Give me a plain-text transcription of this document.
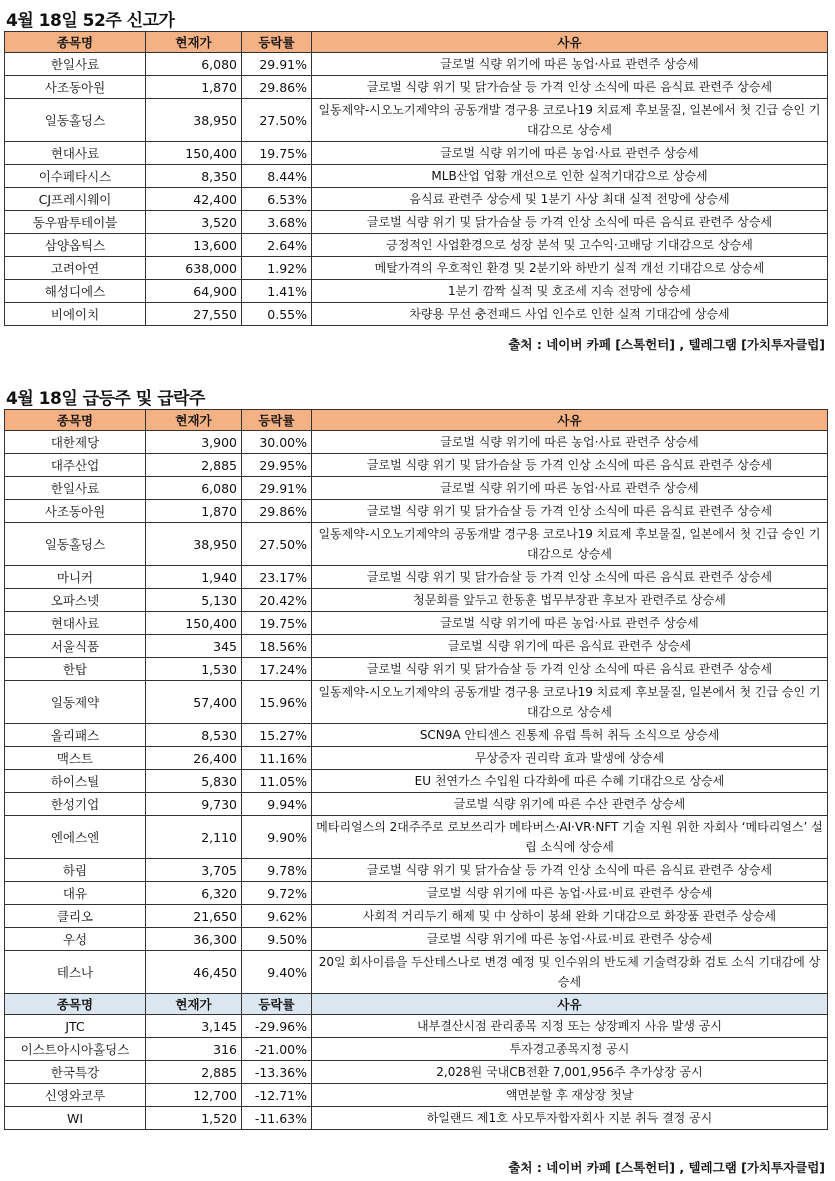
4월 18일 52주 신고가
종목명	현재가	등락률	사유
한일사료	6,080	29.91%	글로벌 식량 위기에 따른 농업·사료 관련주 상승세
사조동아원	1,870	29.86%	글로벌 식량 위기 및 닭가슴살 등 가격 인상 소식에 따른 음식료 관련주 상승세
일동홀딩스	38,950	27.50%	일동제약-시오노기제약의 공동개발 경구용 코로나19 치료제 후보물질, 일본에서 첫 긴급 승인 기대감으로 상승세
현대사료	150,400	19.75%	글로벌 식량 위기에 따른 농업·사료 관련주 상승세
이수페타시스	8,350	8.44%	MLB산업 업황 개선으로 인한 실적기대감으로 상승세
CJ프레시웨이	42,400	6.53%	음식료 관련주 상승세 및 1분기 사상 최대 실적 전망에 상승세
동우팜투테이블	3,520	3.68%	글로벌 식량 위기 및 닭가슴살 등 가격 인상 소식에 따른 음식료 관련주 상승세
삼양옵틱스	13,600	2.64%	긍정적인 사업환경으로 성장 분석 및 고수익·고배당 기대감으로 상승세
고려아연	638,000	1.92%	메탈가격의 우호적인 환경 및 2분기와 하반기 실적 개선 기대감으로 상승세
해성디에스	64,900	1.41%	1분기 깜짝 실적 및 호조세 지속 전망에 상승세
비에이치	27,550	0.55%	차량용 무선 충전패드 사업 인수로 인한 실적 기대감에 상승세
출처 : 네이버 카페 [스톡헌터] , 텔레그램 [가치투자클럽]
4월 18일 급등주 및 급락주
종목명	현재가	등락률	사유
대한제당	3,900	30.00%	글로벌 식량 위기에 따른 농업·사료 관련주 상승세
대주산업	2,885	29.95%	글로벌 식량 위기 및 닭가슴살 등 가격 인상 소식에 따른 음식료 관련주 상승세
한일사료	6,080	29.91%	글로벌 식량 위기에 따른 농업·사료 관련주 상승세
사조동아원	1,870	29.86%	글로벌 식량 위기 및 닭가슴살 등 가격 인상 소식에 따른 음식료 관련주 상승세
일동홀딩스	38,950	27.50%	일동제약-시오노기제약의 공동개발 경구용 코로나19 치료제 후보물질, 일본에서 첫 긴급 승인 기대감으로 상승세
마니커	1,940	23.17%	글로벌 식량 위기 및 닭가슴살 등 가격 인상 소식에 따른 음식료 관련주 상승세
오파스넷	5,130	20.42%	청문회를 앞두고 한동훈 법무부장관 후보자 관련주로 상승세
현대사료	150,400	19.75%	글로벌 식량 위기에 따른 농업·사료 관련주 상승세
서울식품	345	18.56%	글로벌 식량 위기에 따른 음식료 관련주 상승세
한탑	1,530	17.24%	글로벌 식량 위기 및 닭가슴살 등 가격 인상 소식에 따른 음식료 관련주 상승세
일동제약	57,400	15.96%	일동제약-시오노기제약의 공동개발 경구용 코로나19 치료제 후보물질, 일본에서 첫 긴급 승인 기대감으로 상승세
올리패스	8,530	15.27%	SCN9A 안티센스 진통제 유럽 특허 취득 소식으로 상승세
맥스트	26,400	11.16%	무상증자 권리락 효과 발생에 상승세
하이스틸	5,830	11.05%	EU 천연가스 수입원 다각화에 따른 수혜 기대감으로 상승세
한성기업	9,730	9.94%	글로벌 식량 위기에 따른 수산 관련주 상승세
엔에스엔	2,110	9.90%	메타리얼스의 2대주주로 로보쓰리가 메타버스·AI·VR·NFT 기술 지원 위한 자회사 ‘메타리얼스’ 설립 소식에 상승세
하림	3,705	9.78%	글로벌 식량 위기 및 닭가슴살 등 가격 인상 소식에 따른 음식료 관련주 상승세
대유	6,320	9.72%	글로벌 식량 위기에 따른 농업·사료·비료 관련주 상승세
클리오	21,650	9.62%	사회적 거리두기 해제 및 中 상하이 봉쇄 완화 기대감으로 화장품 관련주 상승세
우성	36,300	9.50%	글로벌 식량 위기에 따른 농업·사료·비료 관련주 상승세
테스나	46,450	9.40%	20일 회사이름을 두산테스나로 변경 예정 및 인수위의 반도체 기술력강화 검토 소식 기대감에 상승세
종목명	현재가	등락률	사유
JTC	3,145	-29.96%	내부결산시점 관리종목 지정 또는 상장폐지 사유 발생 공시
이스트아시아홀딩스	316	-21.00%	투자경고종목지정 공시
한국특강	2,885	-13.36%	2,028원 국내CB전환 7,001,956주 추가상장 공시
신영와코루	12,700	-12.71%	액면분할 후 재상장 첫날
WI	1,520	-11.63%	하일랜드 제1호 사모투자합자회사 지분 취득 결정 공시
출처 : 네이버 카페 [스톡헌터] , 텔레그램 [가치투자클럽]
